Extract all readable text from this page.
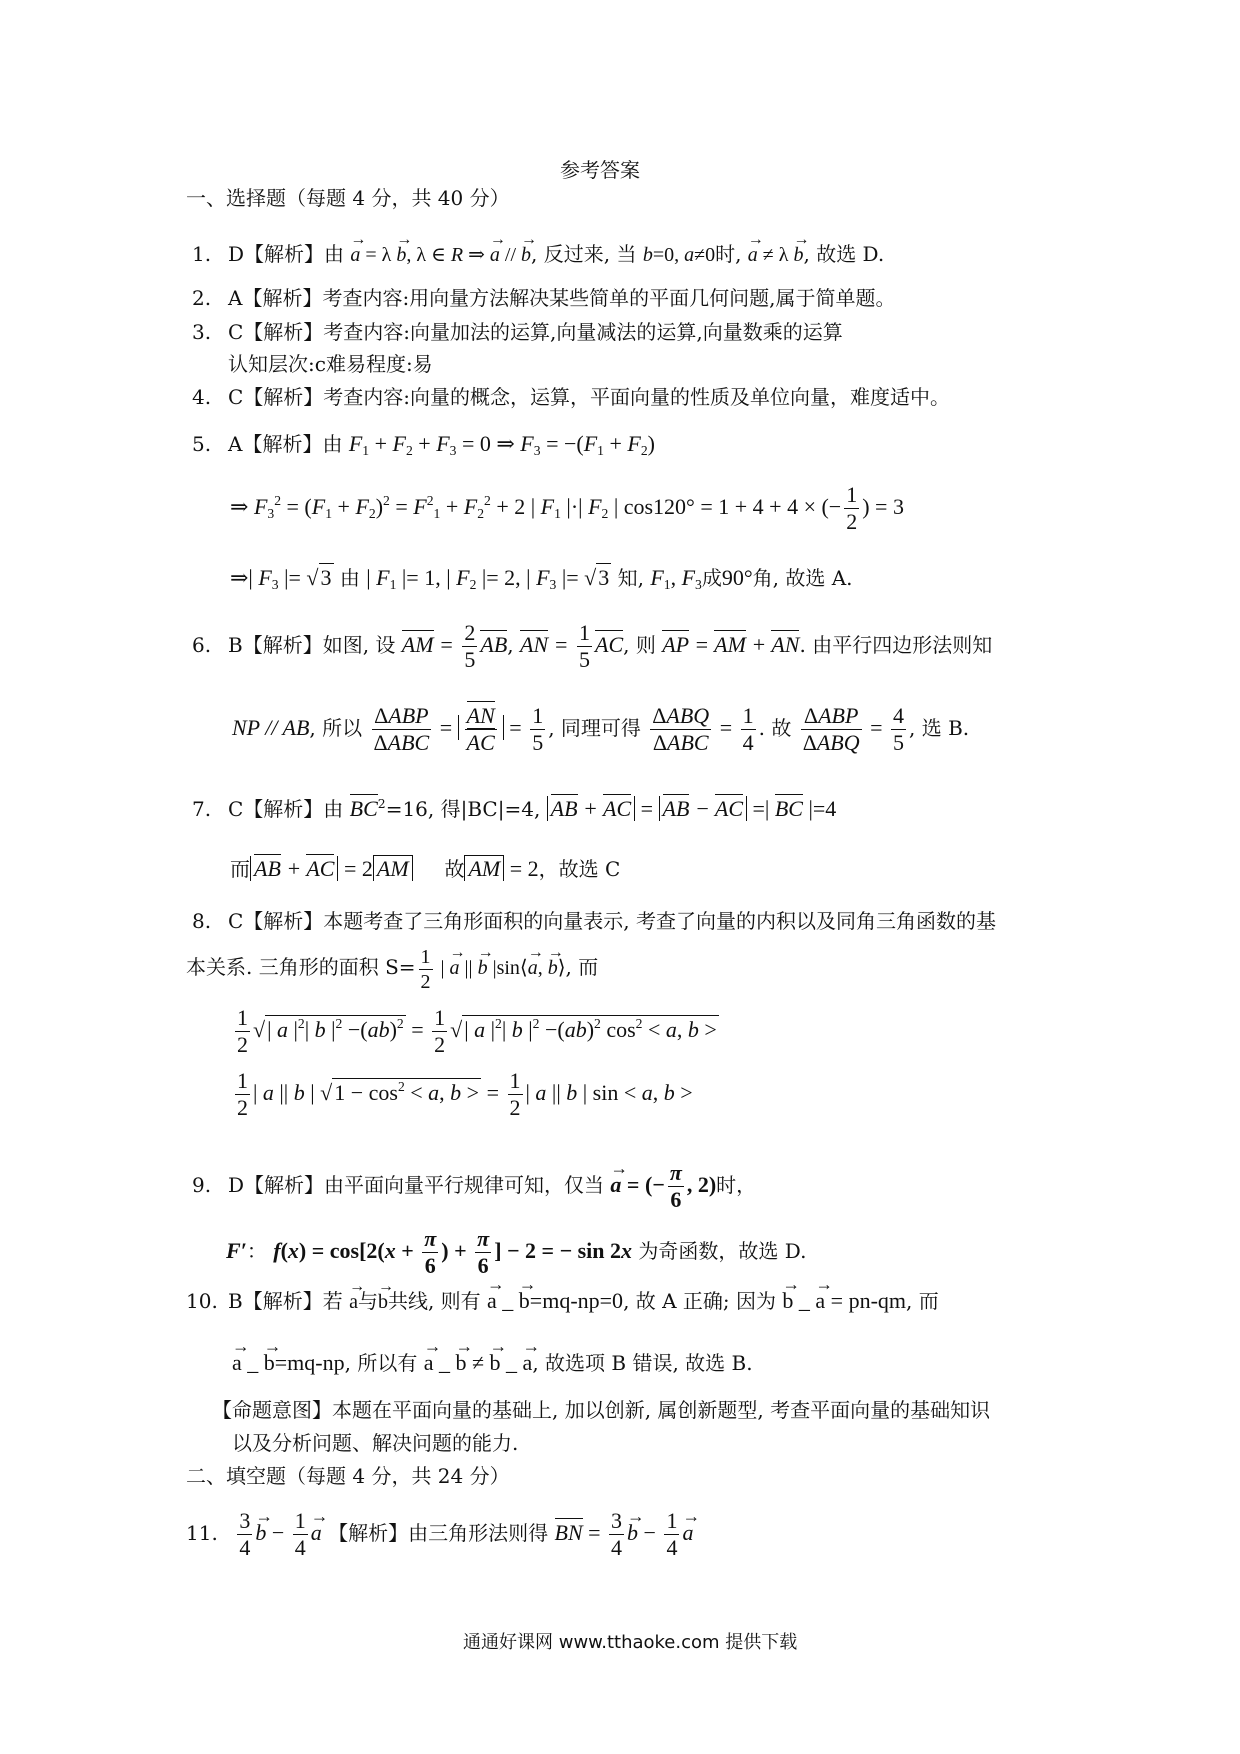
参考答案
一、选择题（每题 4 分，共 40 分）
1. D【解析】由 → a = λ → b, λ ∈ R ⇒ → a // → b, 反过来, 当 b=0, a≠0时, → a ≠ λ → b, 故选 D.
2. A【解析】考查内容:用向量方法解决某些简单的平面几何问题,属于简单题。
3. C【解析】考查内容:向量加法的运算,向量减法的运算,向量数乘的运算
认知层次:c难易程度:易
4. C【解析】考查内容:向量的概念，运算，平面向量的性质及单位向量，难度适中。
5. A【解析】由 $F_1 + F_2 + F_3 = 0$ ⇒ $F_3 = -(F_1 + F_2)$
⇒ $F_3^2 = (F_1 + F_2)^2 = F^2_1 + F_2^2 + 2$ | $F_1$ |·| $F_2$ | cos120° = 1 + 4 + 4 × (− $\frac{1}{2}$ ) = 3
⇒| $F_3$ |= √3 由 | $F_1$ |= 1, | $F_2$ |= 2, | $F_3$ |= √3 知, $F_1$, $F_3$成90°角, 故选 A.
6. B【解析】如图, 设 AM = $\frac{2}{5}$ AB, AN = $\frac{1}{5}$ AC, 则 AP = AM + AN. 由平行四边形法则知
NP // AB, 所以 $\frac{\text{ΔABP}}{\text{ΔABC}} = \frac{AN}{AC} = \frac{1}{5}$ , 同理可得 $\frac{\text{ΔABQ}}{\text{ΔABC}} = \frac{1}{4}$ . 故 $\frac{\text{ΔABP}}{\text{ΔABQ}} = \frac{4}{5}$ , 选 B.
7. C【解析】由 $BC^2=16$, 得|BC|=4, AB + AC = AB − AC =| BC |=4
而 AB + AC = 2 AM 故 AM = 2，故选 C
8. C【解析】本题考查了三角形面积的向量表示, 考查了向量的内积以及同角三角函数的基
本关系. 三角形的面积 $S= \frac{1}{2}$ | → a || → b |sin⟨→ a, → b⟩, 而
$\frac{1}{2}$ √| a $|^2|$ b $|^2 -(ab)^2 = \frac{1}{2}$ √| a $|^2|$ b $|^2 -(ab)^2$ $\cos^2 < a$, b >
$\frac{1}{2}$ | a || b | $√1 - \cos^2 < a$, b > = $\frac{1}{2}$ | a || b | sin < a, b >
9. D【解析】由平面向量平行规律可知，仅当 → a = (− $\frac{\pi}{6}$ , 2)时，
F′： $f(x) = \cos[2(x + \frac{\pi}{6}$ ) + $\frac{\pi}{6}$ ] − 2 = − sin 2x 为奇函数，故选 D.
10. B【解析】若 → a与→ b共线, 则有 → a _ → b=mq-np=0, 故 A 正确; 因为 → b _ → a = pn-qm, 而
→ a _ → b=mq-np, 所以有 → a _ → b ≠ → b _ → a, 故选项 B 错误, 故选 B.
【命题意图】本题在平面向量的基础上, 加以创新, 属创新题型, 考查平面向量的基础知识
以及分析问题、解决问题的能力.
二、填空题（每题 4 分，共 24 分）
11. $\frac{3}{4}$
→ $b - \frac{1}{4}$
→ a 【解析】由三角形法则得 BN = $\frac{3}{4}$
→ $b - \frac{1}{4}$
→ a
通通好课网 www.tthaoke.com 提供下载
